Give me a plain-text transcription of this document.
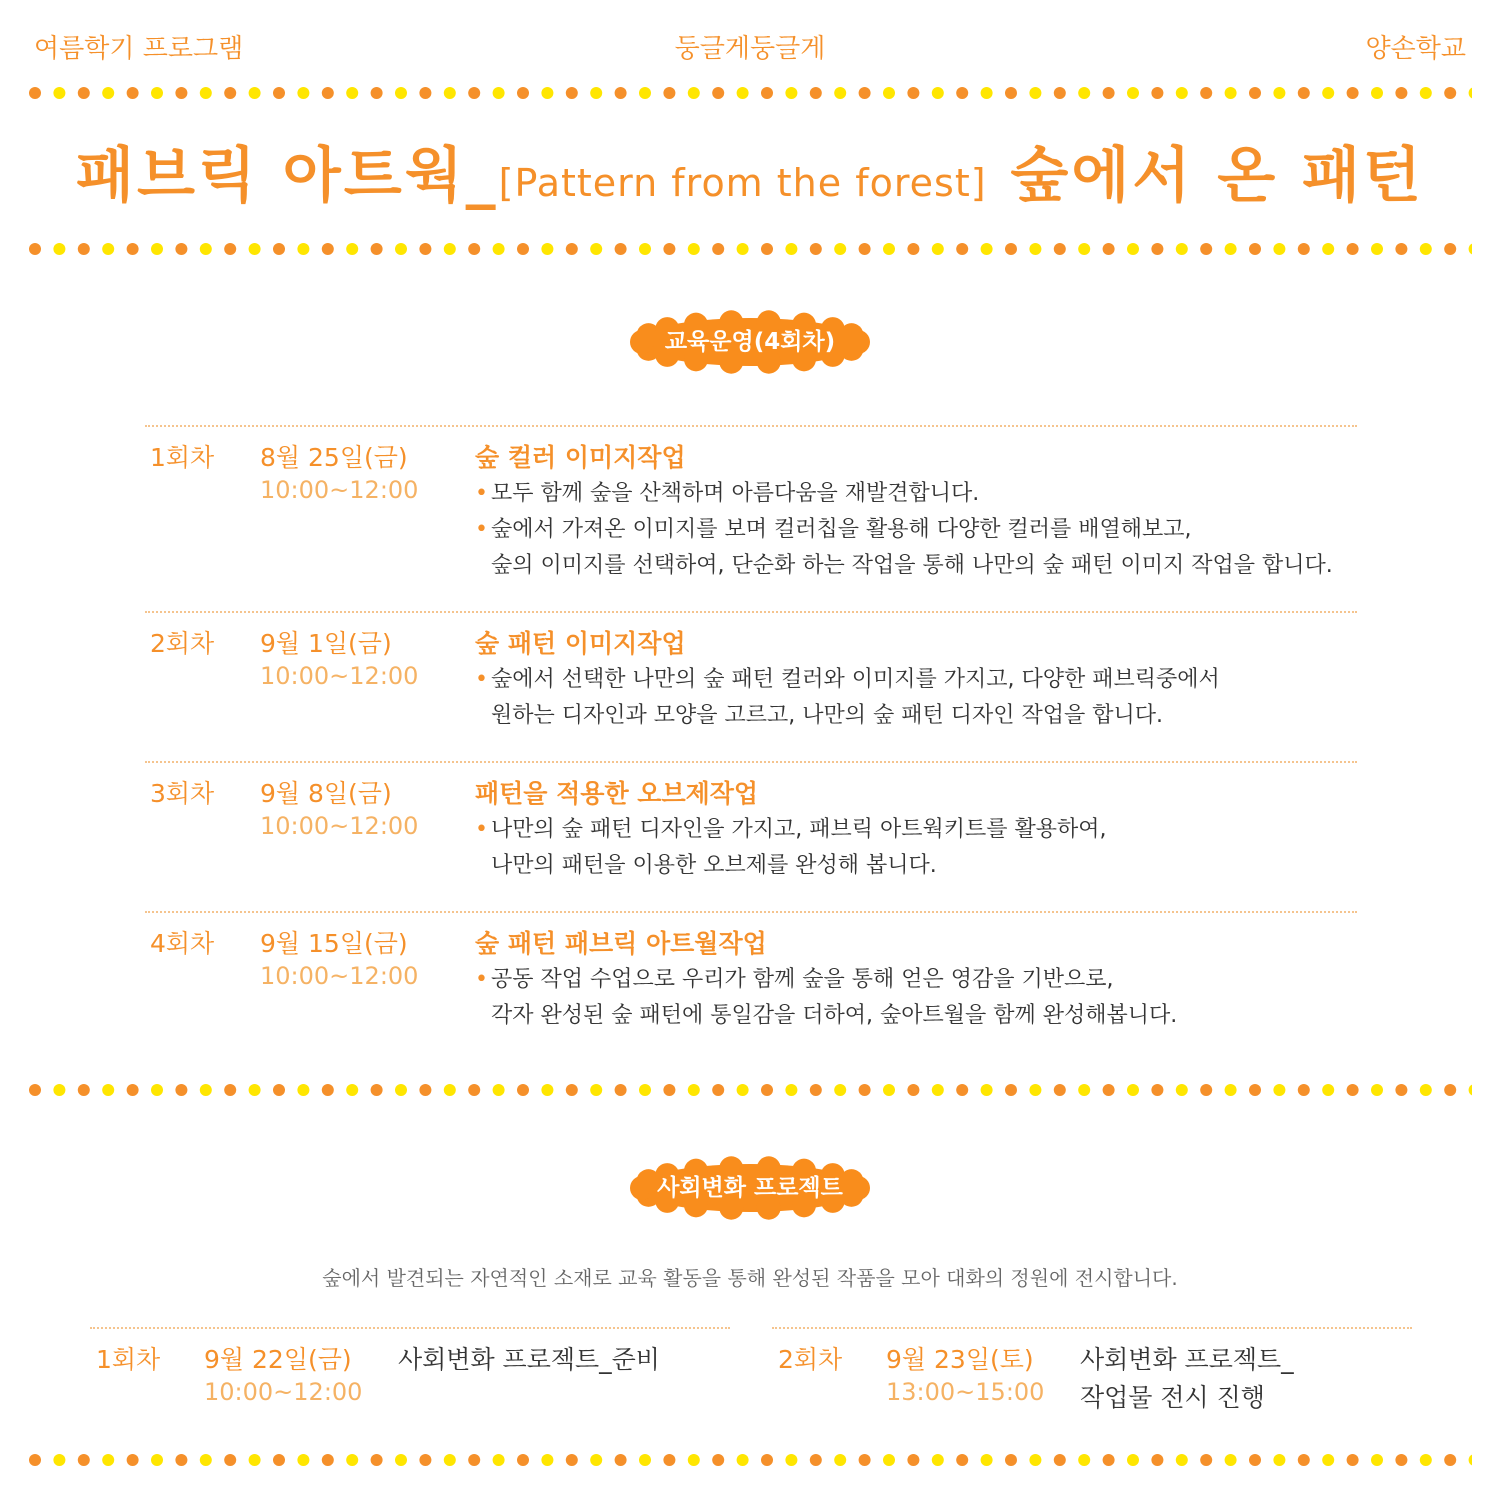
여름학기 프로그램	둥글게둥글게	양손학교
패브릭 아트웍_[Pattern from the forest] 숲에서 온 패턴
교육운영(4회차)
1회차 8월 25일(금)
10:00~12:00
숲 컬러 이미지작업
• 모두 함께 숲을 산책하며 아름다움을 재발견합니다.
• 숲에서 가져온 이미지를 보며 컬러칩을 활용해 다양한 컬러를 배열해보고,
숲의 이미지를 선택하여, 단순화 하는 작업을 통해 나만의 숲 패턴 이미지 작업을 합니다.
2회차 9월 1일(금)
10:00~12:00
숲 패턴 이미지작업
• 숲에서 선택한 나만의 숲 패턴 컬러와 이미지를 가지고, 다양한 패브릭중에서
원하는 디자인과 모양을 고르고, 나만의 숲 패턴 디자인 작업을 합니다.
3회차 9월 8일(금)
10:00~12:00
패턴을 적용한 오브제작업
• 나만의 숲 패턴 디자인을 가지고, 패브릭 아트웍키트를 활용하여,
나만의 패턴을 이용한 오브제를 완성해 봅니다.
4회차 9월 15일(금)
10:00~12:00
숲 패턴 패브릭 아트월작업
• 공동 작업 수업으로 우리가 함께 숲을 통해 얻은 영감을 기반으로,
각자 완성된 숲 패턴에 통일감을 더하여, 숲아트월을 함께 완성해봅니다.
사회변화 프로젝트
숲에서 발견되는 자연적인 소재로 교육 활동을 통해 완성된 작품을 모아 대화의 정원에 전시합니다.
1회차 9월 22일(금)
10:00~12:00
사회변화 프로젝트_준비	2회차 9월 23일(토)
13:00~15:00
사회변화 프로젝트_
작업물 전시 진행
